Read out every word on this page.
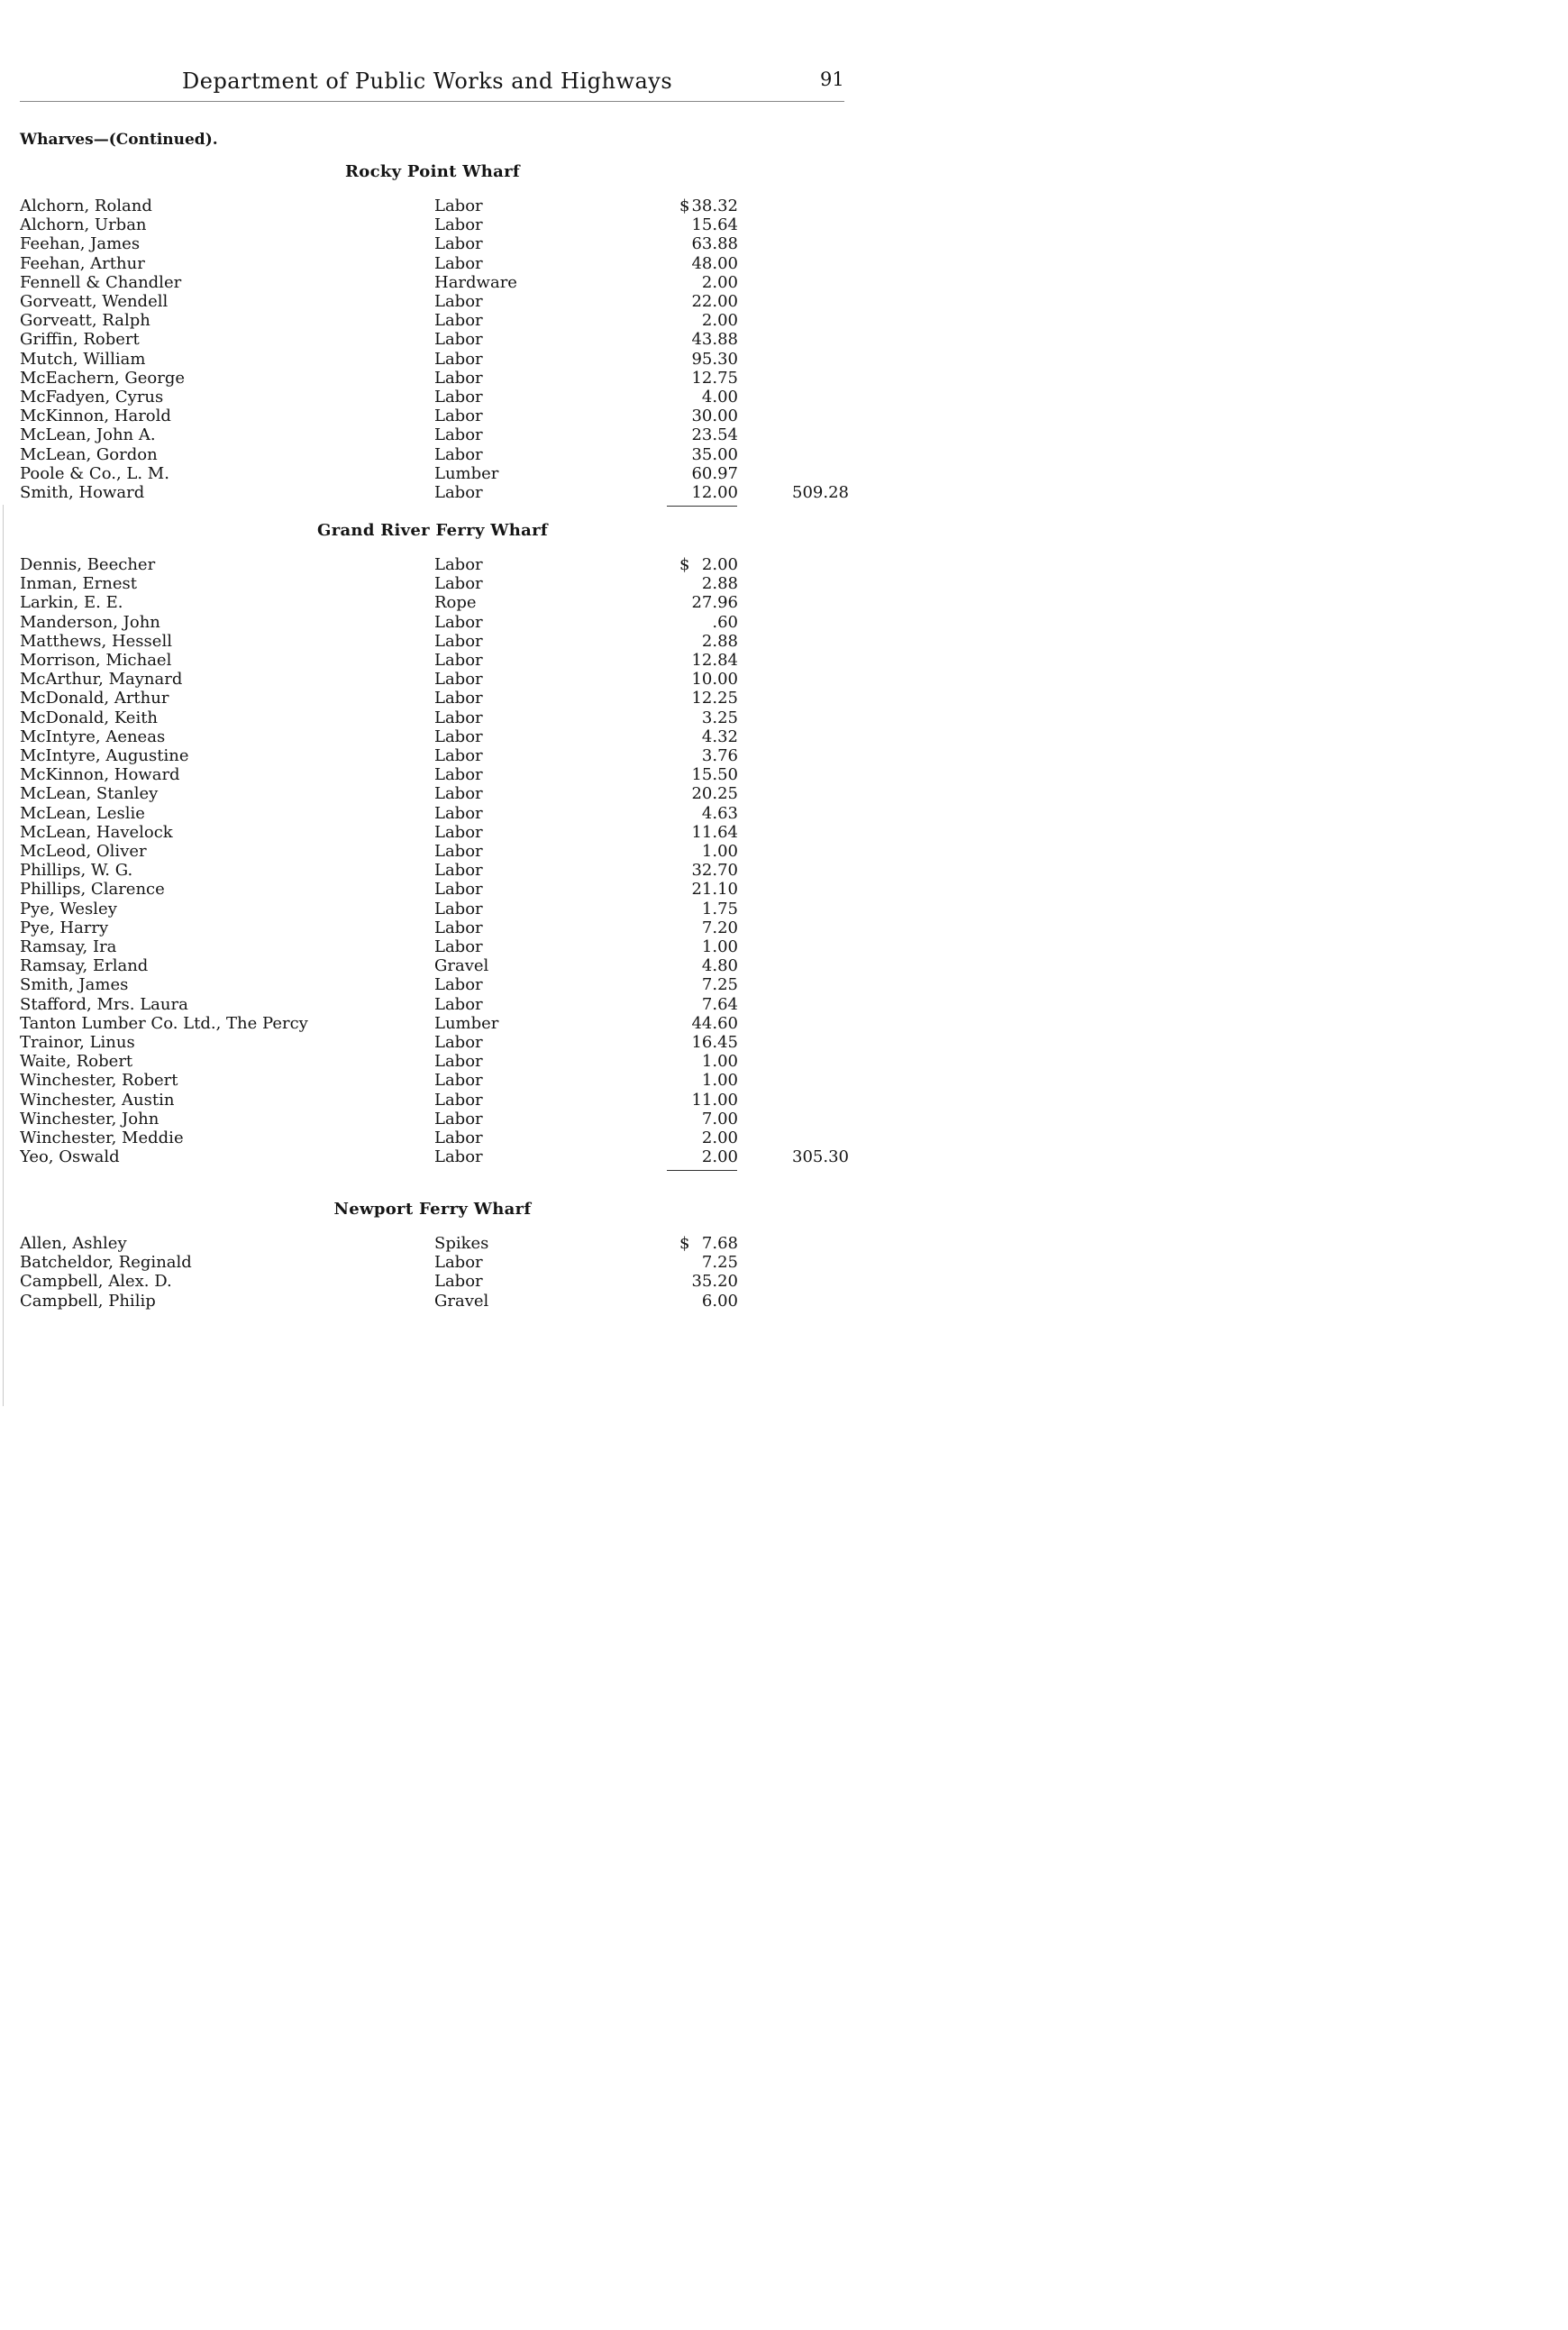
Department of Public Works and Highways	91
Wharves—(Continued).
Rocky Point Wharf
Alchorn, Roland	Labor	$ 38.32
Alchorn, Urban	Labor	15.64
Feehan, James	Labor	63.88
Feehan, Arthur	Labor	48.00
Fennell & Chandler	Hardware	2.00
Gorveatt, Wendell	Labor	22.00
Gorveatt, Ralph	Labor	2.00
Griffin, Robert	Labor	43.88
Mutch, William	Labor	95.30
McEachern, George	Labor	12.75
McFadyen, Cyrus	Labor	4.00
McKinnon, Harold	Labor	30.00
McLean, John A.	Labor	23.54
McLean, Gordon	Labor	35.00
Poole & Co., L. M.	Lumber	60.97
Smith, Howard	Labor	12.00	509.28
Grand River Ferry Wharf
Dennis, Beecher	Labor	$ 2.00
Inman, Ernest	Labor	2.88
Larkin, E. E.	Rope	27.96
Manderson, John	Labor	.60
Matthews, Hessell	Labor	2.88
Morrison, Michael	Labor	12.84
McArthur, Maynard	Labor	10.00
McDonald, Arthur	Labor	12.25
McDonald, Keith	Labor	3.25
McIntyre, Aeneas	Labor	4.32
McIntyre, Augustine	Labor	3.76
McKinnon, Howard	Labor	15.50
McLean, Stanley	Labor	20.25
McLean, Leslie	Labor	4.63
McLean, Havelock	Labor	11.64
McLeod, Oliver	Labor	1.00
Phillips, W. G.	Labor	32.70
Phillips, Clarence	Labor	21.10
Pye, Wesley	Labor	1.75
Pye, Harry	Labor	7.20
Ramsay, Ira	Labor	1.00
Ramsay, Erland	Gravel	4.80
Smith, James	Labor	7.25
Stafford, Mrs. Laura	Labor	7.64
Tanton Lumber Co. Ltd., The Percy	Lumber	44.60
Trainor, Linus	Labor	16.45
Waite, Robert	Labor	1.00
Winchester, Robert	Labor	1.00
Winchester, Austin	Labor	11.00
Winchester, John	Labor	7.00
Winchester, Meddie	Labor	2.00
Yeo, Oswald	Labor	2.00	305.30
Newport Ferry Wharf
Allen, Ashley	Spikes	$ 7.68
Batcheldor, Reginald	Labor	7.25
Campbell, Alex. D.	Labor	35.20
Campbell, Philip	Gravel	6.00
